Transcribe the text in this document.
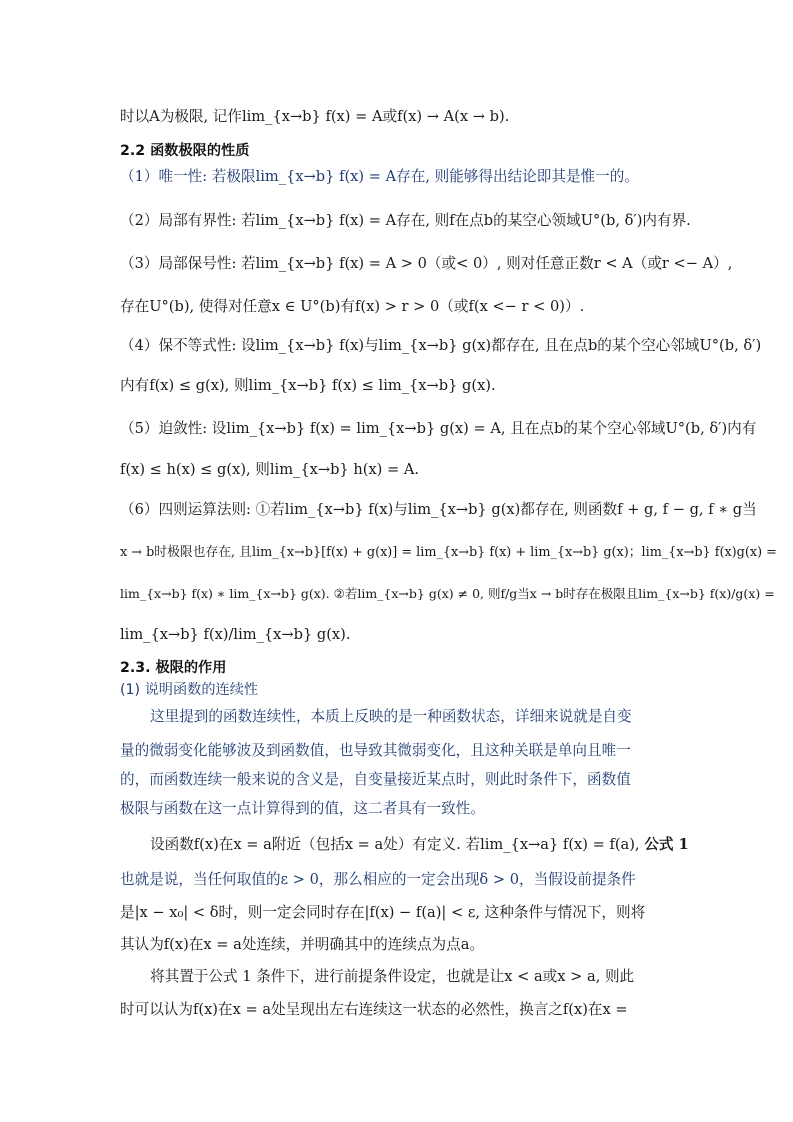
时以A为极限, 记作lim_{x→b} f(x) = A或f(x) → A(x → b).
2.2 函数极限的性质
（1）唯一性: 若极限lim_{x→b} f(x) = A存在, 则能够得出结论即其是惟一的。
（2）局部有界性: 若lim_{x→b} f(x) = A存在, 则f在点b的某空心领域U°(b, δ′)内有界.
（3）局部保号性: 若lim_{x→b} f(x) = A > 0（或< 0）, 则对任意正数r < A（或r <− A）,
存在U°(b), 使得对任意x ∈ U°(b)有f(x) > r > 0（或f(x <− r < 0)）.
（4）保不等式性: 设lim_{x→b} f(x)与lim_{x→b} g(x)都存在, 且在点b的某个空心邻域U°(b, δ′)
内有f(x) ≤ g(x), 则lim_{x→b} f(x) ≤ lim_{x→b} g(x).
（5）迫敛性: 设lim_{x→b} f(x) = lim_{x→b} g(x) = A, 且在点b的某个空心邻域U°(b, δ′)内有
f(x) ≤ h(x) ≤ g(x), 则lim_{x→b} h(x) = A.
（6）四则运算法则: ①若lim_{x→b} f(x)与lim_{x→b} g(x)都存在, 则函数f + g, f − g, f ∗ g当
x → b时极限也存在, 且lim_{x→b}[f(x) + g(x)] = lim_{x→b} f(x) + lim_{x→b} g(x)；lim_{x→b} f(x)g(x) =
lim_{x→b} f(x) ∗ lim_{x→b} g(x). ②若lim_{x→b} g(x) ≠ 0, 则f/g当x → b时存在极限且lim_{x→b} f(x)/g(x) =
lim_{x→b} f(x)/lim_{x→b} g(x).
2.3. 极限的作用
(1) 说明函数的连续性
这里提到的函数连续性，本质上反映的是一种函数状态，详细来说就是自变
量的微弱变化能够波及到函数值，也导致其微弱变化，且这种关联是单向且唯一
的，而函数连续一般来说的含义是，自变量接近某点时，则此时条件下，函数值
极限与函数在这一点计算得到的值，这二者具有一致性。
设函数f(x)在x = a附近（包括x = a处）有定义. 若lim_{x→a} f(x) = f(a), 公式 1
也就是说，当任何取值的ε > 0，那么相应的一定会出现δ > 0，当假设前提条件
是|x − x₀| < δ时，则一定会同时存在|f(x) − f(a)| < ε, 这种条件与情况下，则将
其认为f(x)在x = a处连续，并明确其中的连续点为点a。
将其置于公式 1 条件下，进行前提条件设定，也就是让x < a或x > a, 则此
时可以认为f(x)在x = a处呈现出左右连续这一状态的必然性，换言之f(x)在x =
